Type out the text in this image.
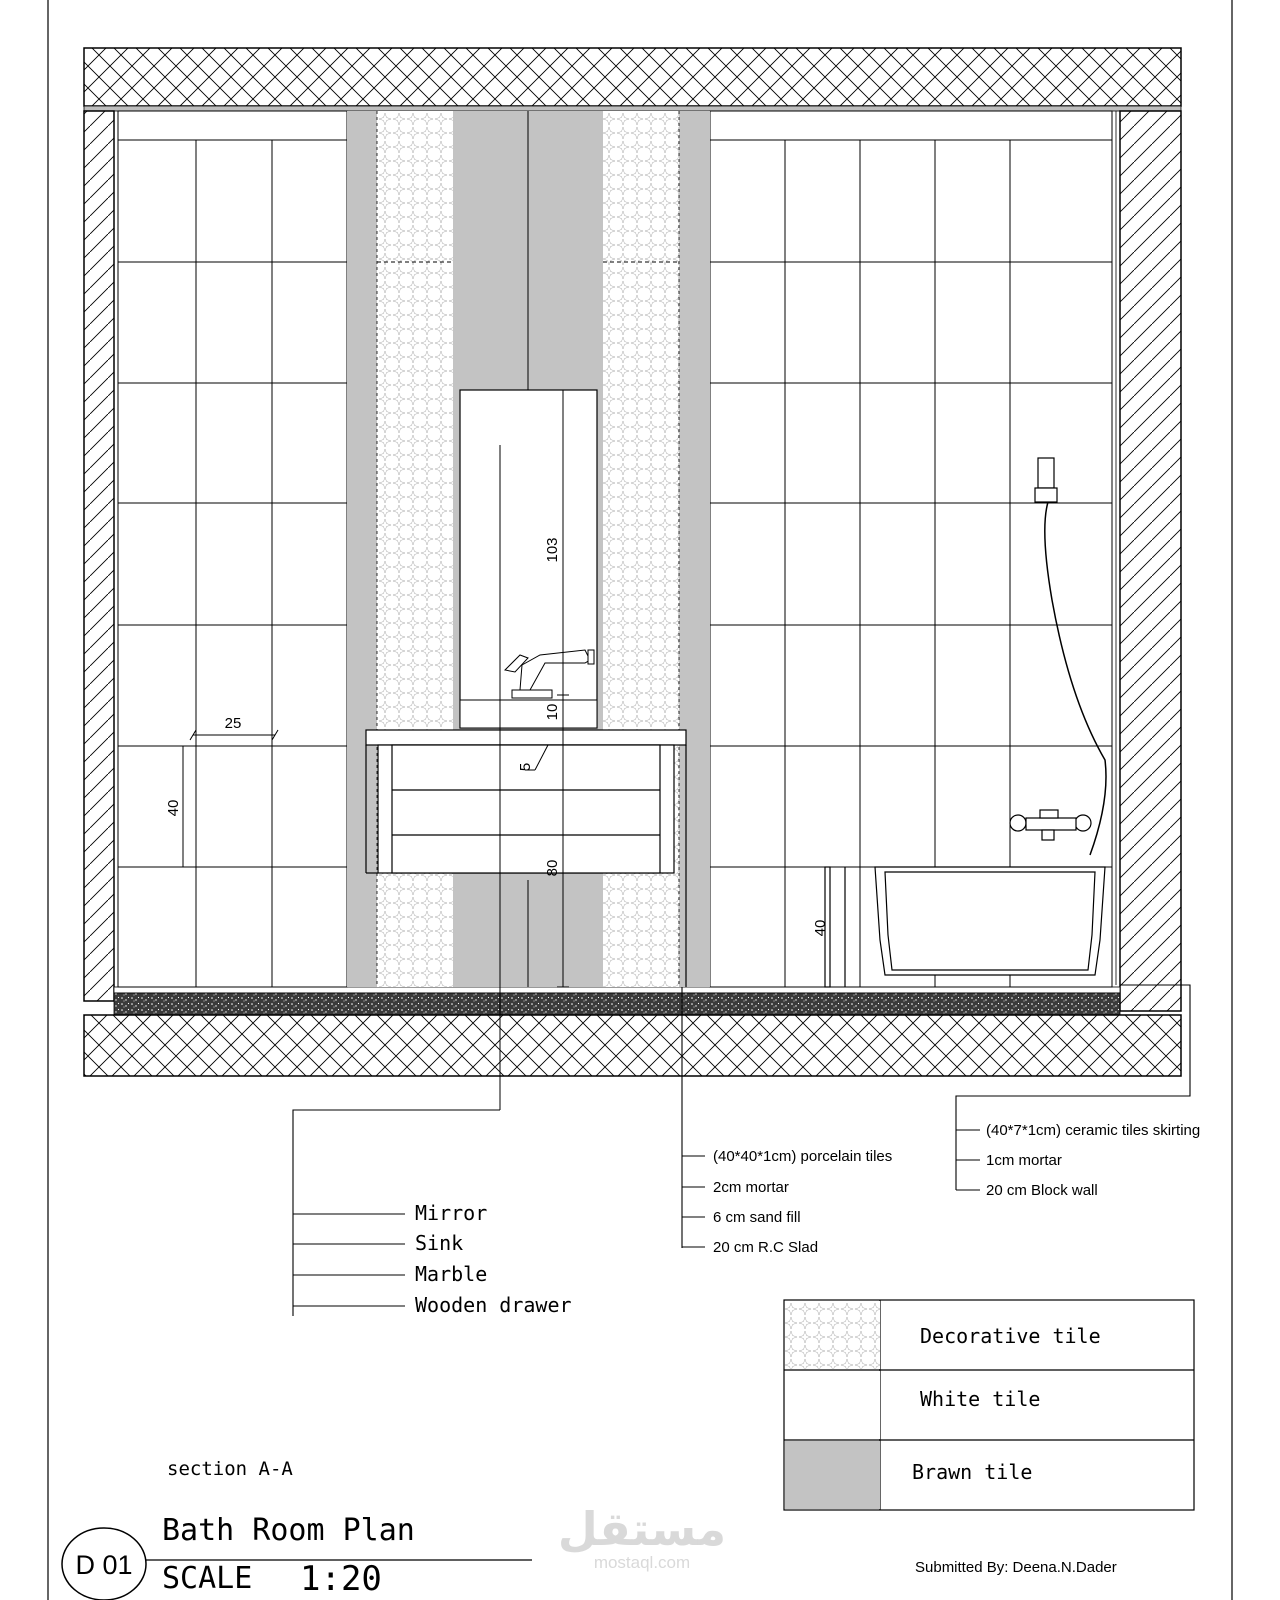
103
10
5
80
25
40
40
Mirror
Sink
Marble
Wooden drawer
(40*40*1cm) porcelain tiles
2cm mortar
6 cm sand fill
20 cm R.C Slad
(40*7*1cm) ceramic tiles skirting
1cm mortar
20 cm Block wall
Decorative tile
White tile
Brawn tile
section A-A
D 01
Bath Room Plan
SCALE 1:20	Submitted By: Deena.N.Dader
مستقل
mostaql.com
